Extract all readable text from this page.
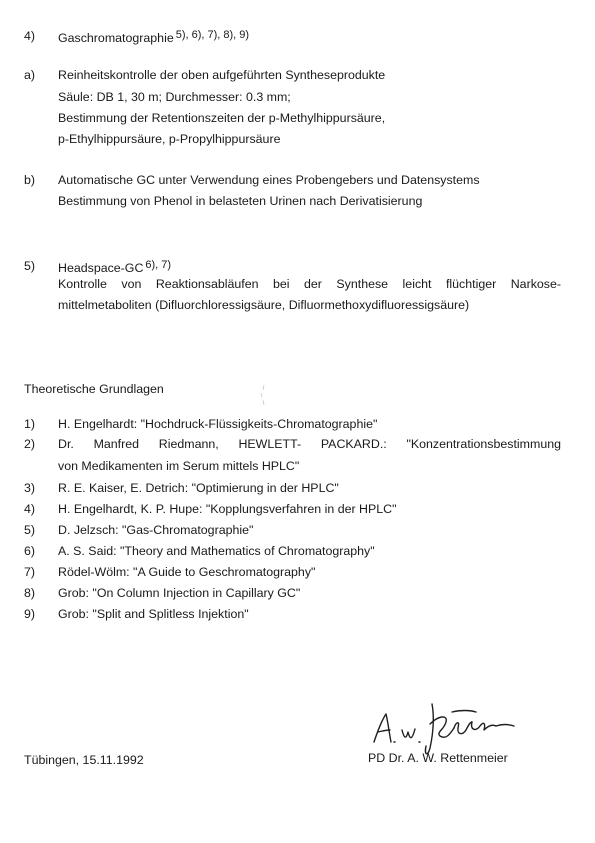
4) Gaschromatographie 5), 6), 7), 8), 9)
a) Reinheitskontrolle der oben aufgeführten Syntheseprodukte
Säule: DB 1, 30 m; Durchmesser: 0.3 mm;
Bestimmung der Retentionszeiten der p-Methylhippursäure,
p-Ethylhippursäure, p-Propylhippursäure
b) Automatische GC unter Verwendung eines Probengebers und Datensystems
Bestimmung von Phenol in belasteten Urinen nach Derivatisierung
5) Headspace-GC 6), 7)
Kontrolle von Reaktionsabläufen bei der Synthese leicht flüchtiger Narkose-
mittelmetaboliten (Difluorchloressigsäure, Difluormethoxydifluoressigsäure)
Theoretische Grundlagen
1) H. Engelhardt: "Hochdruck-Flüssigkeits-Chromatographie"
2) Dr. Manfred Riedmann, HEWLETT- PACKARD.: "Konzentrationsbestimmung
von Medikamenten im Serum mittels HPLC"
3) R. E. Kaiser, E. Detrich: "Optimierung in der HPLC"
4) H. Engelhardt, K. P. Hupe: "Kopplungsverfahren in der HPLC"
5) D. Jelzsch: "Gas-Chromatographie"
6) A. S. Said: "Theory and Mathematics of Chromatography"
7) Rödel-Wölm: "A Guide to Geschromatography"
8) Grob: "On Column Injection in Capillary GC"
9) Grob: "Split and Splitless Injektion"
Tübingen, 15.11.1992	PD Dr. A. W. Rettenmeier
